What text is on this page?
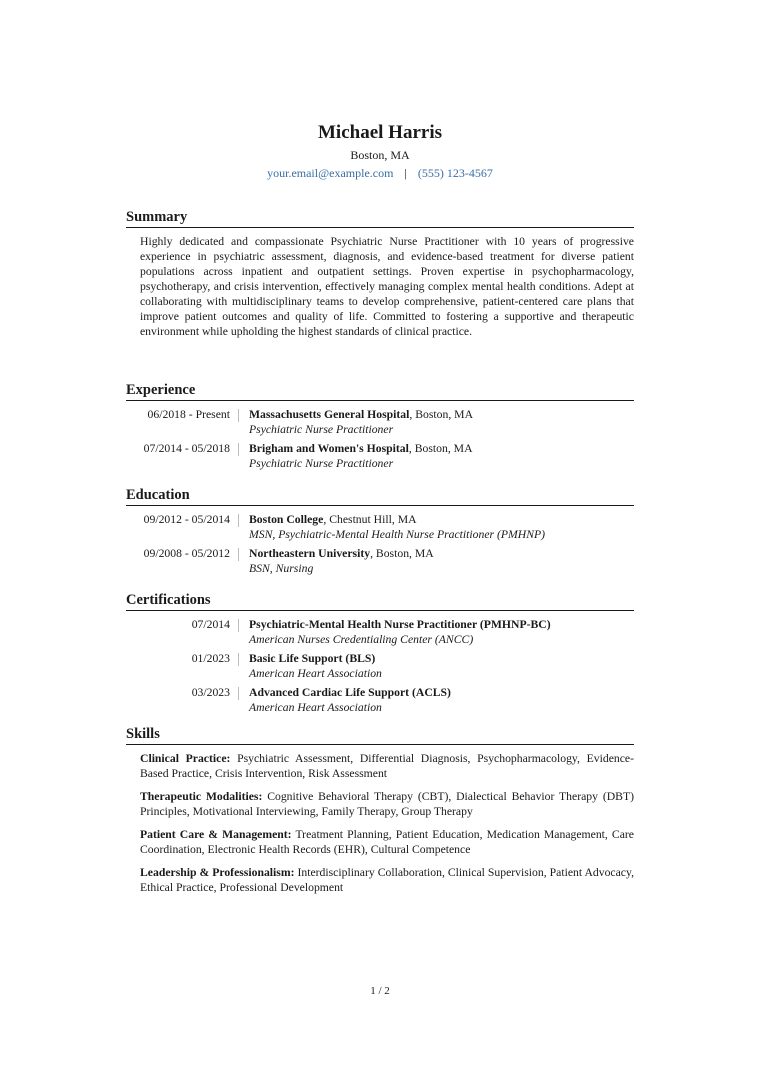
Michael Harris
Boston, MA
your.email@example.com | (555) 123-4567
Summary
Highly dedicated and compassionate Psychiatric Nurse Practitioner with 10 years of progressive experience in psychiatric assessment, diagnosis, and evidence-based treatment for diverse patient populations across inpatient and outpatient settings. Proven expertise in psychopharmacology, psychotherapy, and crisis intervention, effectively managing complex mental health conditions. Adept at collaborating with multidisciplinary teams to develop comprehensive, patient-centered care plans that improve patient outcomes and quality of life. Committed to fostering a supportive and therapeutic environment while upholding the highest standards of clinical practice.
Experience
06/2018 - Present	Massachusetts General Hospital, Boston, MA
Psychiatric Nurse Practitioner
07/2014 - 05/2018	Brigham and Women's Hospital, Boston, MA
Psychiatric Nurse Practitioner
Education
09/2012 - 05/2014	Boston College, Chestnut Hill, MA
MSN, Psychiatric-Mental Health Nurse Practitioner (PMHNP)
09/2008 - 05/2012	Northeastern University, Boston, MA
BSN, Nursing
Certifications
07/2014	Psychiatric-Mental Health Nurse Practitioner (PMHNP-BC)
American Nurses Credentialing Center (ANCC)
01/2023	Basic Life Support (BLS)
American Heart Association
03/2023	Advanced Cardiac Life Support (ACLS)
American Heart Association
Skills
Clinical Practice: Psychiatric Assessment, Differential Diagnosis, Psychopharmacology, Evidence-Based Practice, Crisis Intervention, Risk Assessment
Therapeutic Modalities: Cognitive Behavioral Therapy (CBT), Dialectical Behavior Therapy (DBT) Principles, Motivational Interviewing, Family Therapy, Group Therapy
Patient Care & Management: Treatment Planning, Patient Education, Medication Management, Care Coordination, Electronic Health Records (EHR), Cultural Competence
Leadership & Professionalism: Interdisciplinary Collaboration, Clinical Supervision, Patient Advocacy, Ethical Practice, Professional Development
1 / 2
